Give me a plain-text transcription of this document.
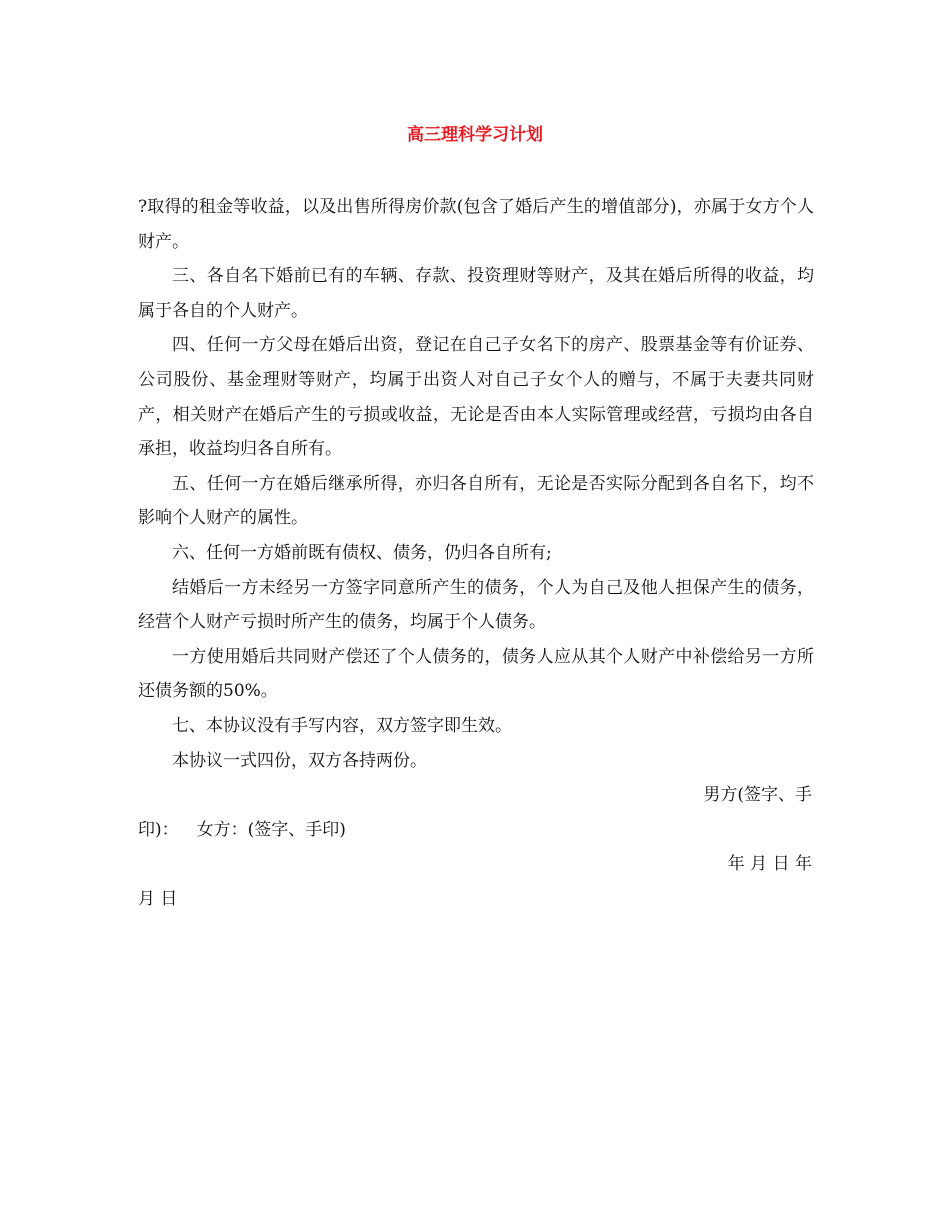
高三理科学习计划

?取得的租金等收益，以及出售所得房价款(包含了婚后产生的增值部分)，亦属于女方个人财产。

三、各自名下婚前已有的车辆、存款、投资理财等财产，及其在婚后所得的收益，均属于各自的个人财产。

四、任何一方父母在婚后出资，登记在自己子女名下的房产、股票基金等有价证券、公司股份、基金理财等财产，均属于出资人对自己子女个人的赠与，不属于夫妻共同财产，相关财产在婚后产生的亏损或收益，无论是否由本人实际管理或经营，亏损均由各自承担，收益均归各自所有。

五、任何一方在婚后继承所得，亦归各自所有，无论是否实际分配到各自名下，均不影响个人财产的属性。

六、任何一方婚前既有债权、债务，仍归各自所有;

结婚后一方未经另一方签字同意所产生的债务，个人为自己及他人担保产生的债务，经营个人财产亏损时所产生的债务，均属于个人债务。

一方使用婚后共同财产偿还了个人债务的，债务人应从其个人财产中补偿给另一方所还债务额的50%。

七、本协议没有手写内容，双方签字即生效。

本协议一式四份，双方各持两份。

男方(签字、手

印)： 女方：(签字、手印)

年 月 日 年

月 日
